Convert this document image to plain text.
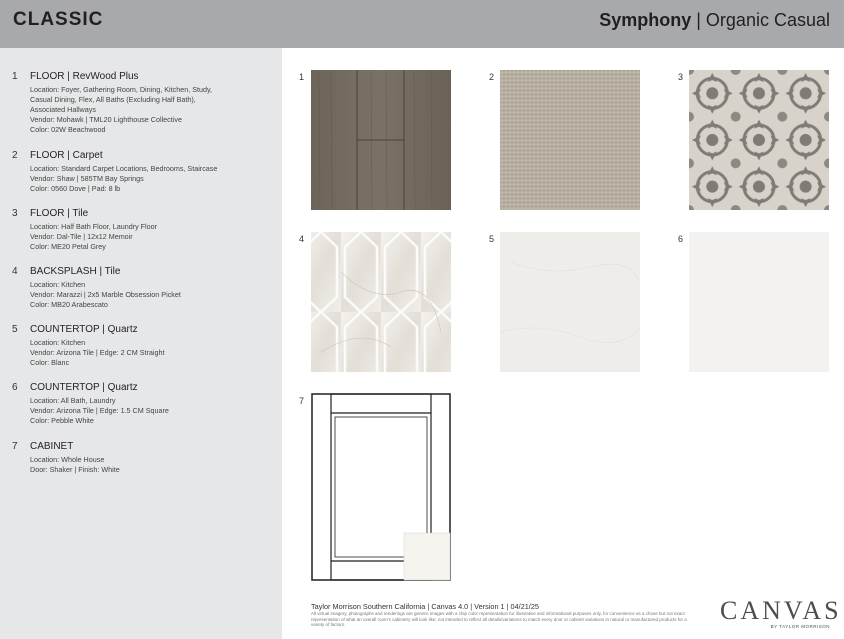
CLASSIC	Symphony | Organic Casual
1 FLOOR | RevWood Plus
Location: Foyer, Gathering Room, Dining, Kitchen, Study,
Casual Dining, Flex, All Baths (Excluding Half Bath),
Associated Hallways
Vendor: Mohawk | TML20 Lighthouse Collective
Color: 02W Beachwood
2 FLOOR | Carpet
Location: Standard Carpet Locations, Bedrooms, Staircase
Vendor: Shaw | 585TM Bay Springs
Color: 0560 Dove | Pad: 8 lb
3 FLOOR | Tile
Location: Half Bath Floor, Laundry Floor
Vendor: Dal-Tile | 12x12 Memoir
Color: ME20 Petal Grey
4 BACKSPLASH | Tile
Location: Kitchen
Vendor: Marazzi | 2x5 Marble Obsession Picket
Color: MB20 Arabescato
5 COUNTERTOP | Quartz
Location: Kitchen
Vendor: Arizona Tile | Edge: 2 CM Straight
Color: Blanc
6 COUNTERTOP | Quartz
Location: All Bath, Laundry
Vendor: Arizona Tile | Edge: 1.5 CM Square
Color: Pebble White
7 CABINET
Location: Whole House
Door: Shaker | Finish: White
1	2	3
4	5	6
7
Taylor Morrison Southern California | Canvas 4.0 | Version 1 | 04/21/25
All virtual imagery, photographs and renderings are generic images with a chip color representation for illustrative and informational purposes only, for convenience as a chose but not exact representation of what an overall room's cabinetry will look like; not intended to reflect all details/variations to match every door or cabinet variations in natural or manufactured products for a variety of factors.	CANVAS
BY TAYLOR MORRISON
